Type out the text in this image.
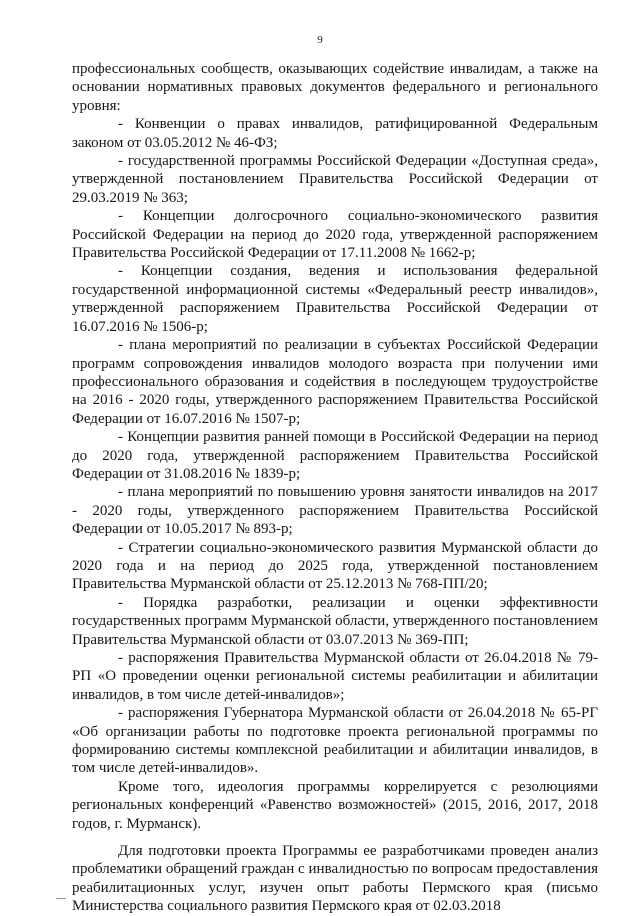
9

профессиональных сообществ, оказывающих содействие инвалидам, а также на основании нормативных правовых документов федерального и регионального уровня:

- Конвенции о правах инвалидов, ратифицированной Федеральным законом от 03.05.2012 № 46-ФЗ;

- государственной программы Российской Федерации «Доступная среда», утвержденной постановлением Правительства Российской Федерации от 29.03.2019 № 363;

- Концепции долгосрочного социально-экономического развития Российской Федерации на период до 2020 года, утвержденной распоряжением Правительства Российской Федерации от 17.11.2008 № 1662-р;

- Концепции создания, ведения и использования федеральной государственной информационной системы «Федеральный реестр инвалидов», утвержденной распоряжением Правительства Российской Федерации от 16.07.2016 № 1506-р;

- плана мероприятий по реализации в субъектах Российской Федерации программ сопровождения инвалидов молодого возраста при получении ими профессионального образования и содействия в последующем трудоустройстве на 2016 - 2020 годы, утвержденного распоряжением Правительства Российской Федерации от 16.07.2016 № 1507-р;

- Концепции развития ранней помощи в Российской Федерации на период до 2020 года, утвержденной распоряжением Правительства Российской Федерации от 31.08.2016 № 1839-р;

- плана мероприятий по повышению уровня занятости инвалидов на 2017 - 2020 годы, утвержденного распоряжением Правительства Российской Федерации от 10.05.2017 № 893-р;

- Стратегии социально-экономического развития Мурманской области до 2020 года и на период до 2025 года, утвержденной постановлением Правительства Мурманской области от 25.12.2013 № 768-ПП/20;

- Порядка разработки, реализации и оценки эффективности государственных программ Мурманской области, утвержденного постановлением Правительства Мурманской области от 03.07.2013 № 369-ПП;

- распоряжения Правительства Мурманской области от 26.04.2018 № 79-РП «О проведении оценки региональной системы реабилитации и абилитации инвалидов, в том числе детей-инвалидов»;

- распоряжения Губернатора Мурманской области от 26.04.2018 № 65-РГ «Об организации работы по подготовке проекта региональной программы по формированию системы комплексной реабилитации и абилитации инвалидов, в том числе детей-инвалидов».

Кроме того, идеология программы коррелируется с резолюциями региональных конференций «Равенство возможностей» (2015, 2016, 2017, 2018 годов, г. Мурманск).

Для подготовки проекта Программы ее разработчиками проведен анализ проблематики обращений граждан с инвалидностью по вопросам предоставления реабилитационных услуг, изучен опыт работы Пермского края (письмо Министерства социального развития Пермского края от 02.03.2018
